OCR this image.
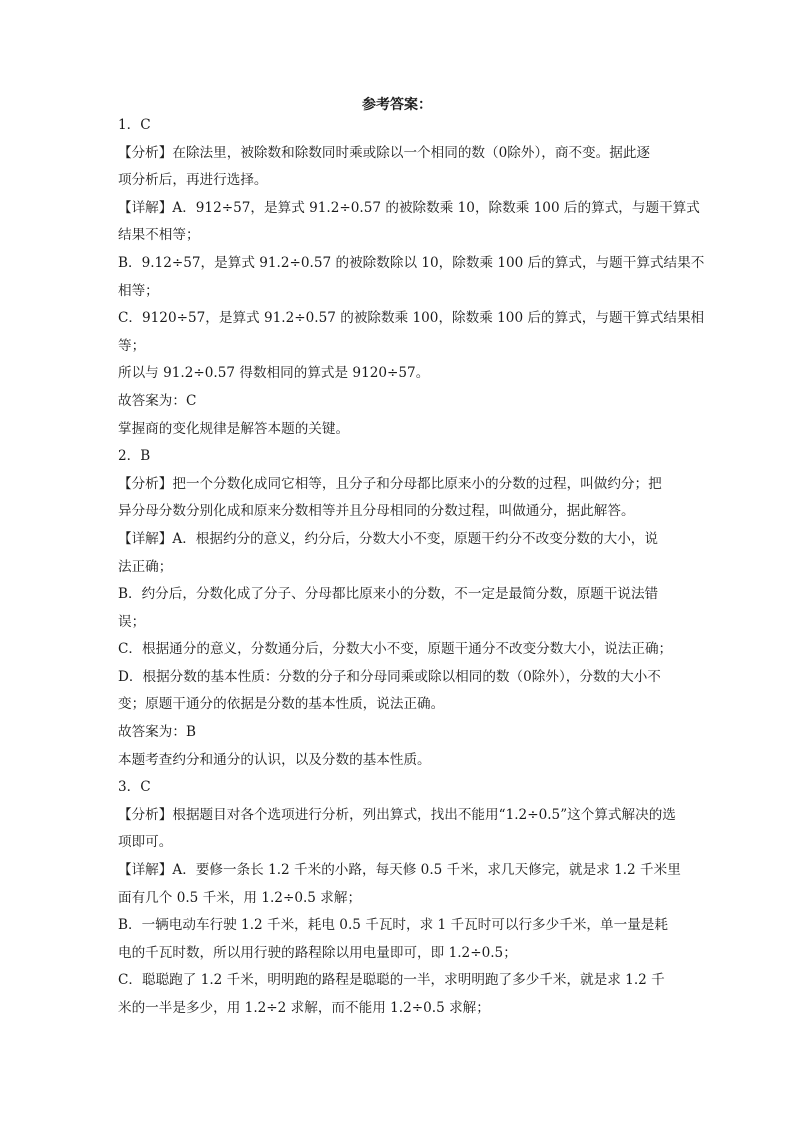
参考答案：
1．C
【分析】在除法里，被除数和除数同时乘或除以一个相同的数（0除外），商不变。据此逐
项分析后，再进行选择。
【详解】A．912÷57，是算式 91.2÷0.57 的被除数乘 10，除数乘 100 后的算式，与题干算式
结果不相等；
B．9.12÷57，是算式 91.2÷0.57 的被除数除以 10，除数乘 100 后的算式，与题干算式结果不
相等；
C．9120÷57，是算式 91.2÷0.57 的被除数乘 100，除数乘 100 后的算式，与题干算式结果相
等；
所以与 91.2÷0.57 得数相同的算式是 9120÷57。
故答案为：C
掌握商的变化规律是解答本题的关键。
2．B
【分析】把一个分数化成同它相等，且分子和分母都比原来小的分数的过程，叫做约分；把
异分母分数分别化成和原来分数相等并且分母相同的分数过程，叫做通分，据此解答。
【详解】A．根据约分的意义，约分后，分数大小不变，原题干约分不改变分数的大小，说
法正确；
B．约分后，分数化成了分子、分母都比原来小的分数，不一定是最简分数，原题干说法错
误；
C．根据通分的意义，分数通分后，分数大小不变，原题干通分不改变分数大小，说法正确；
D．根据分数的基本性质：分数的分子和分母同乘或除以相同的数（0除外），分数的大小不
变；原题干通分的依据是分数的基本性质，说法正确。
故答案为：B
本题考查约分和通分的认识，以及分数的基本性质。
3．C
【分析】根据题目对各个选项进行分析，列出算式，找出不能用“1.2÷0.5”这个算式解决的选
项即可。
【详解】A．要修一条长 1.2 千米的小路，每天修 0.5 千米，求几天修完，就是求 1.2 千米里
面有几个 0.5 千米，用 1.2÷0.5 求解；
B．一辆电动车行驶 1.2 千米，耗电 0.5 千瓦时，求 1 千瓦时可以行多少千米，单一量是耗
电的千瓦时数，所以用行驶的路程除以用电量即可，即 1.2÷0.5；
C．聪聪跑了 1.2 千米，明明跑的路程是聪聪的一半，求明明跑了多少千米，就是求 1.2 千
米的一半是多少，用 1.2÷2 求解，而不能用 1.2÷0.5 求解；
